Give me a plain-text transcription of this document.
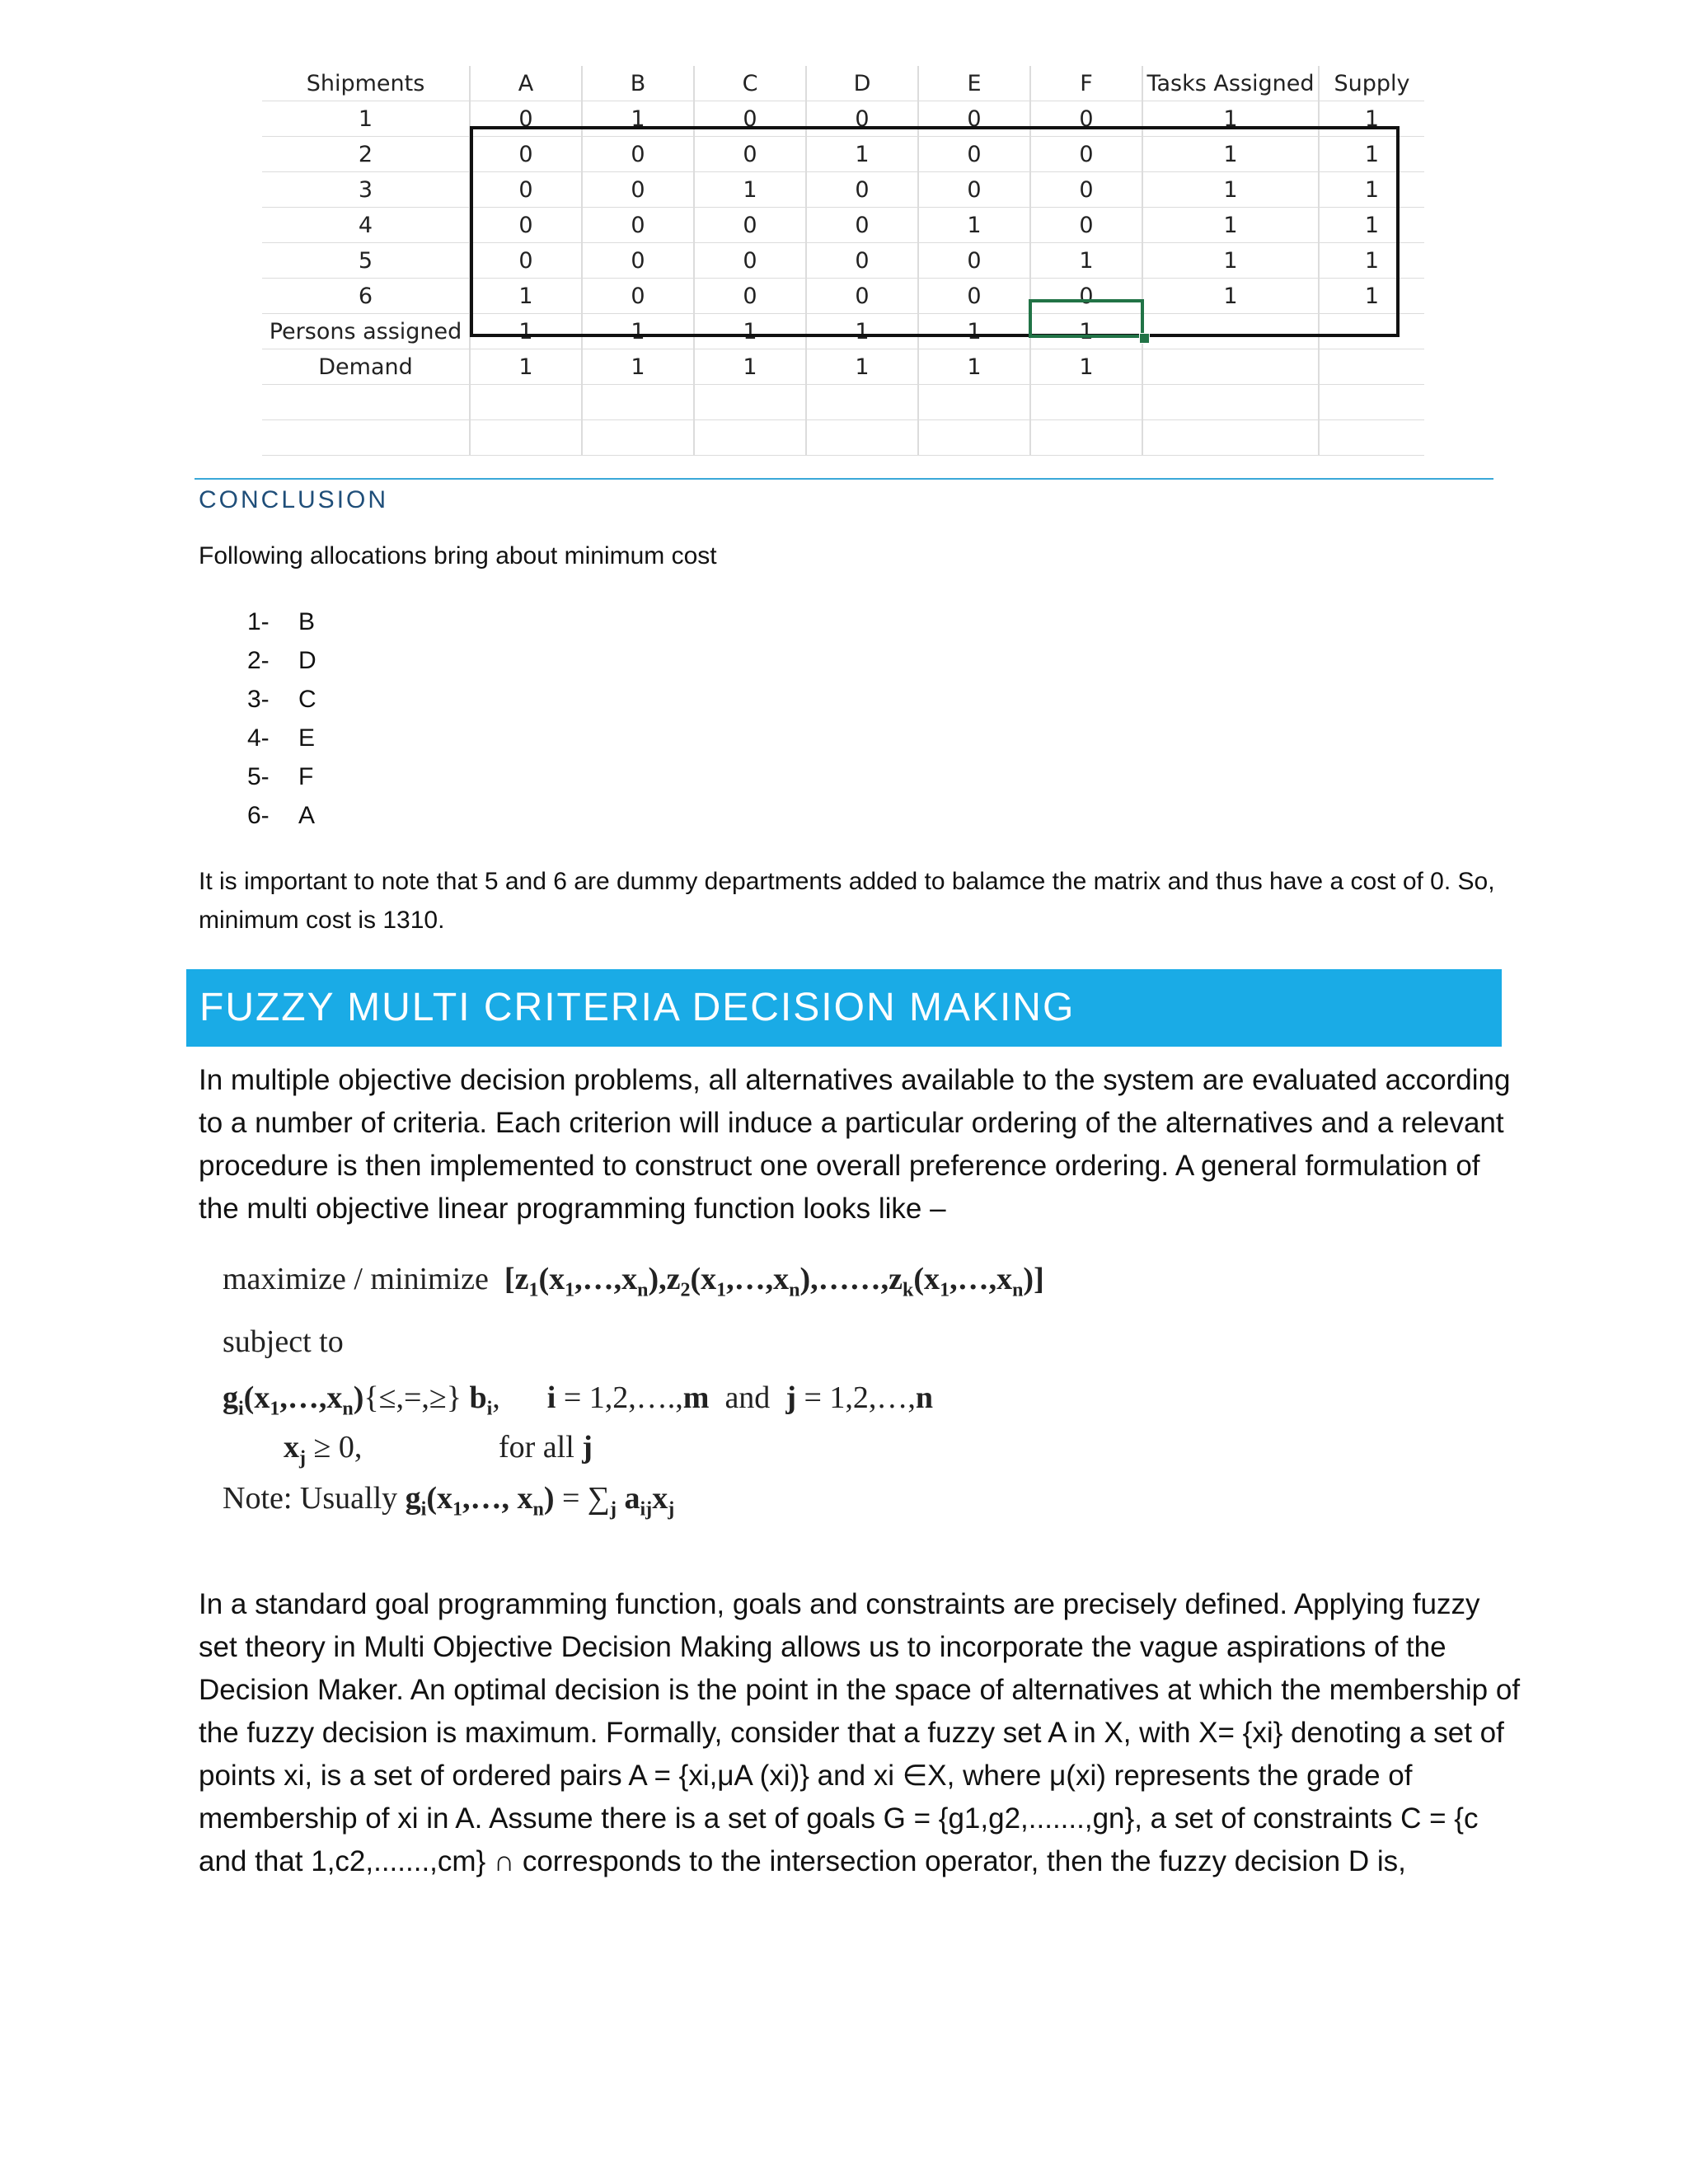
Shipments	A	B	C	D	E	F	Tasks Assigned	Supply
1	0	1	0	0	0	0	1	1
2	0	0	0	1	0	0	1	1
3	0	0	1	0	0	0	1	1
4	0	0	0	0	1	0	1	1
5	0	0	0	0	0	1	1	1
6	1	0	0	0	0	0	1	1
Persons assigned	1	1	1	1	1	1		
Demand	1	1	1	1	1	1		

CONCLUSION
Following allocations bring about minimum cost
1-	B
2-	D
3-	C
4-	E
5-	F
6-	A
It is important to note that 5 and 6 are dummy departments added to balamce the matrix and thus have a cost of 0. So, minimum cost is 1310.
FUZZY MULTI CRITERIA DECISION MAKING
In multiple objective decision problems, all alternatives available to the system are evaluated according to a number of criteria. Each criterion will induce a particular ordering of the alternatives and a relevant procedure is then implemented to construct one overall preference ordering. A general formulation of the multi objective linear programming function looks like –
maximize / minimize $[z_1(x_1,\dots,x_n),z_2(x_1,\dots,x_n),\dots\dots,z_k(x_1,\dots,x_n)]$
subject to
$g_i(x_1,\dots,x_n)\{\le,=,\ge\}$ $b_i$,      i = 1,2,….,m and j = 1,2,…,n
$x_j \ge 0$,	for all j
Note: Usually $g_i(x_1,\dots$, $x_n) = \sum_j$ $a_{ij}x_j$
In a standard goal programming function, goals and constraints are precisely defined. Applying fuzzy set theory in Multi Objective Decision Making allows us to incorporate the vague aspirations of the Decision Maker. An optimal decision is the point in the space of alternatives at which the membership of the fuzzy decision is maximum. Formally, consider that a fuzzy set A in X, with X= {xi} denoting a set of points xi, is a set of ordered pairs A = {xi,μA (xi)} and xi ∈X, where μ(xi) represents the grade of membership of xi in A. Assume there is a set of goals G = {g1,g2,.......,gn}, a set of constraints C = {c and that 1,c2,.......,cm} ∩ corresponds to the intersection operator, then the fuzzy decision D is,
